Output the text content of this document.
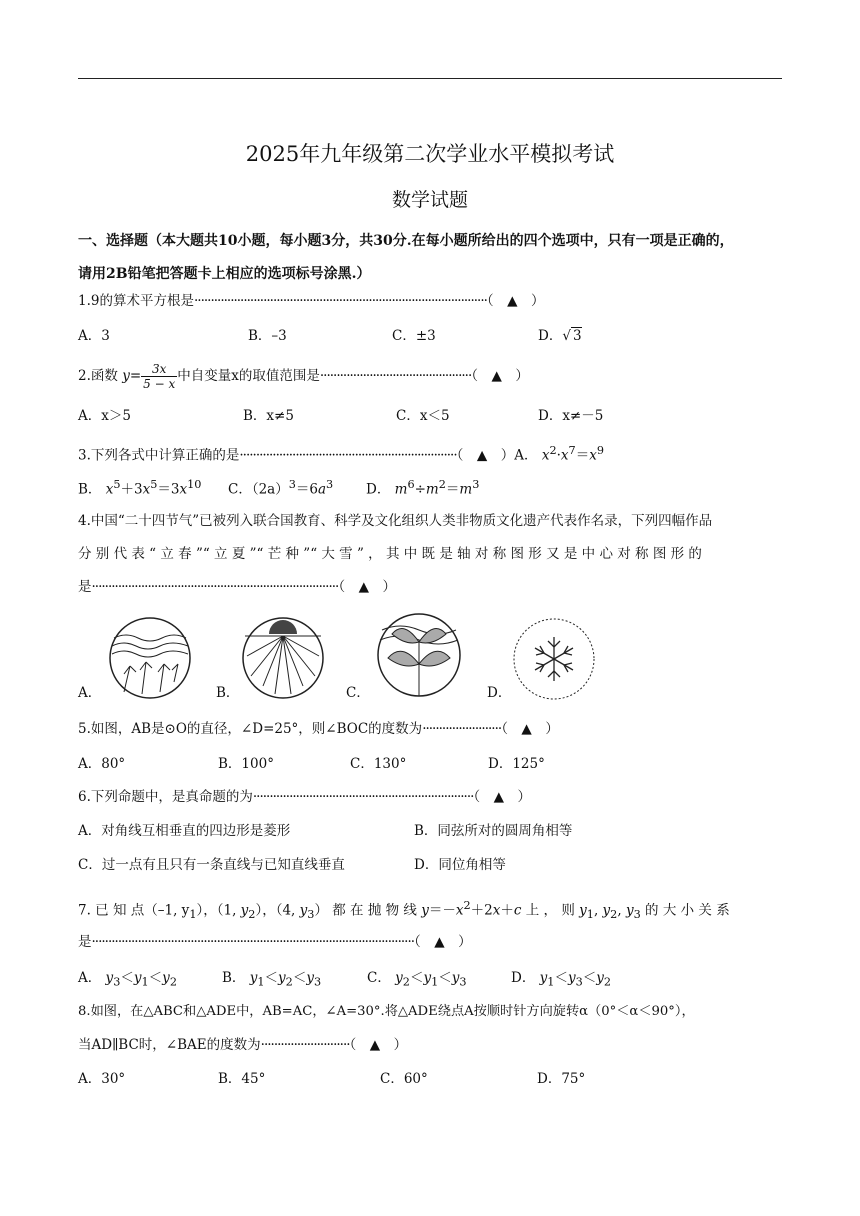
2025年九年级第二次学业水平模拟考试
数学试题
一、选择题（本大题共10小题，每小题3分，共30分.在每小题所给出的四个选项中，只有一项是正确的，
请用2B铅笔把答题卡上相应的选项标号涂黑.）
1.9的算术平方根是·························································································（　▲　）
A．3	B．–3	C．±3	D．√ 3
2.函数 $y= \frac{3x}{5 - x}$ 中自变量x的取值范围是··············································（　▲　）
A．x＞5	B．x≠5	C．x＜5	D．x≠－5
3.下列各式中计算正确的是··································································（　▲　）A． $x^2\cdot x^7=x^9$
B． $x^5+3x^5=3x^{10}$ C．$(2a)^3=6a^3$ D． $m^6\div m^2=m^3$
4.中国“二十四节气”已被列入联合国教育、科学及文化组织人类非物质文化遗产代表作名录，下列四幅作品
分 别 代 表 “ 立 春 ”“ 立 夏 ”“ 芒 种 ”“ 大 雪 ” ， 其 中 既 是 轴 对 称 图 形 又 是 中 心 对 称 图 形 的
是···········································································（　▲　）
A．	B．	C．	D．
5.如图，AB是⊙O的直径，∠D=25°，则∠BOC的度数为························（　▲　）
A．80°	B．100°	C．130°	D．125°
6.下列命题中，是真命题的为···································································（　▲　）
A．对角线互相垂直的四边形是菱形	B．同弦所对的圆周角相等
C．过一点有且只有一条直线与已知直线垂直	D．同位角相等
7. 已 知 点（–1, $y_1$），（1, $y_2$），（4, $y_3$） 都 在 抛 物 线 $y=-x^2+2x+c$ 上 ， 则 $y_1$, $y_2$, $y_3$ 的 大 小 关 系
是··································································································（　▲　）
A． $y_3<y_1<y_2$	B． $y_1<y_2<y_3$	C． $y_2<y_1<y_3$	D． $y_1<y_3<y_2$
8.如图，在△ABC和△ADE中，AB=AC，∠A=30°.将△ADE绕点A按顺时针方向旋转α（0°＜α＜90°），
当AD∥BC时，∠BAE的度数为···························（　▲　）
A．30°	B．45°	C．60°	D．75°
